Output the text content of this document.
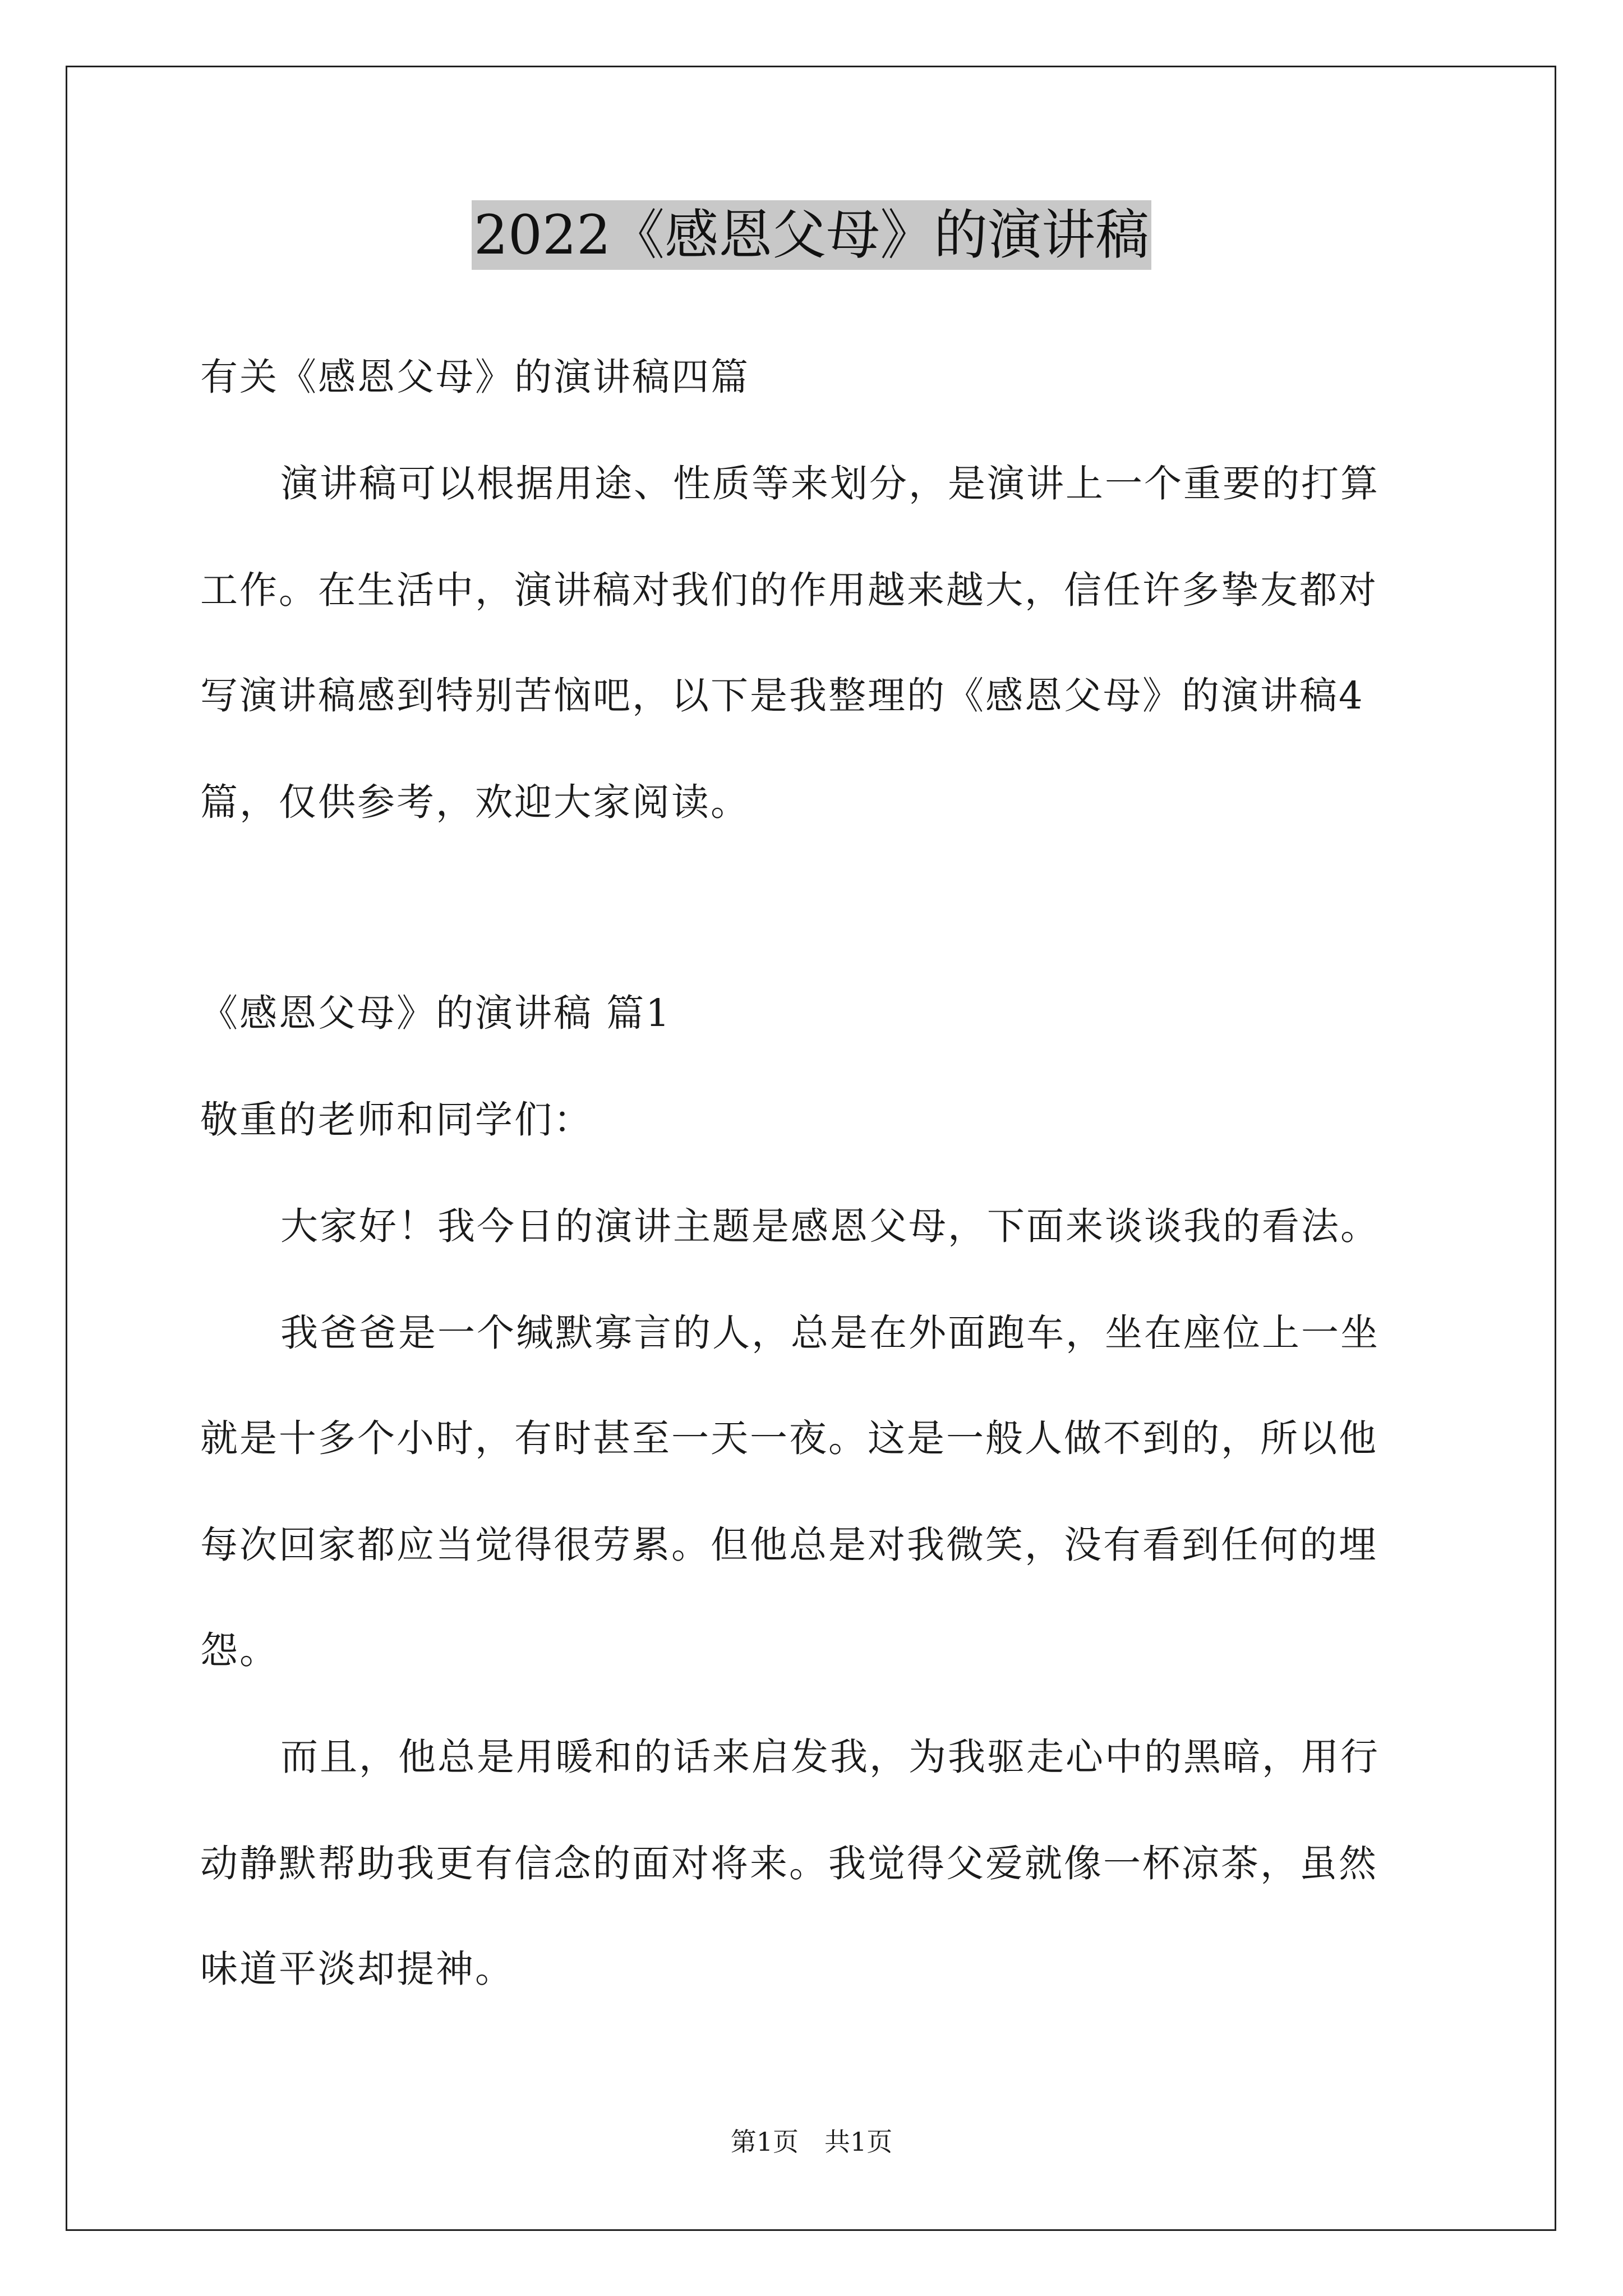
2022《感恩父母》的演讲稿
有关《感恩父母》的演讲稿四篇
演讲稿可以根据用途、性质等来划分，是演讲上一个重要的打算
工作。在生活中，演讲稿对我们的作用越来越大，信任许多挚友都对
写演讲稿感到特别苦恼吧，以下是我整理的《感恩父母》的演讲稿4
篇，仅供参考，欢迎大家阅读。
《感恩父母》的演讲稿 篇1
敬重的老师和同学们：
大家好！我今日的演讲主题是感恩父母，下面来谈谈我的看法。
我爸爸是一个缄默寡言的人，总是在外面跑车，坐在座位上一坐
就是十多个小时，有时甚至一天一夜。这是一般人做不到的，所以他
每次回家都应当觉得很劳累。但他总是对我微笑，没有看到任何的埋
怨。
而且，他总是用暖和的话来启发我，为我驱走心中的黑暗，用行
动静默帮助我更有信念的面对将来。我觉得父爱就像一杯凉茶，虽然
味道平淡却提神。
第1页　共1页
